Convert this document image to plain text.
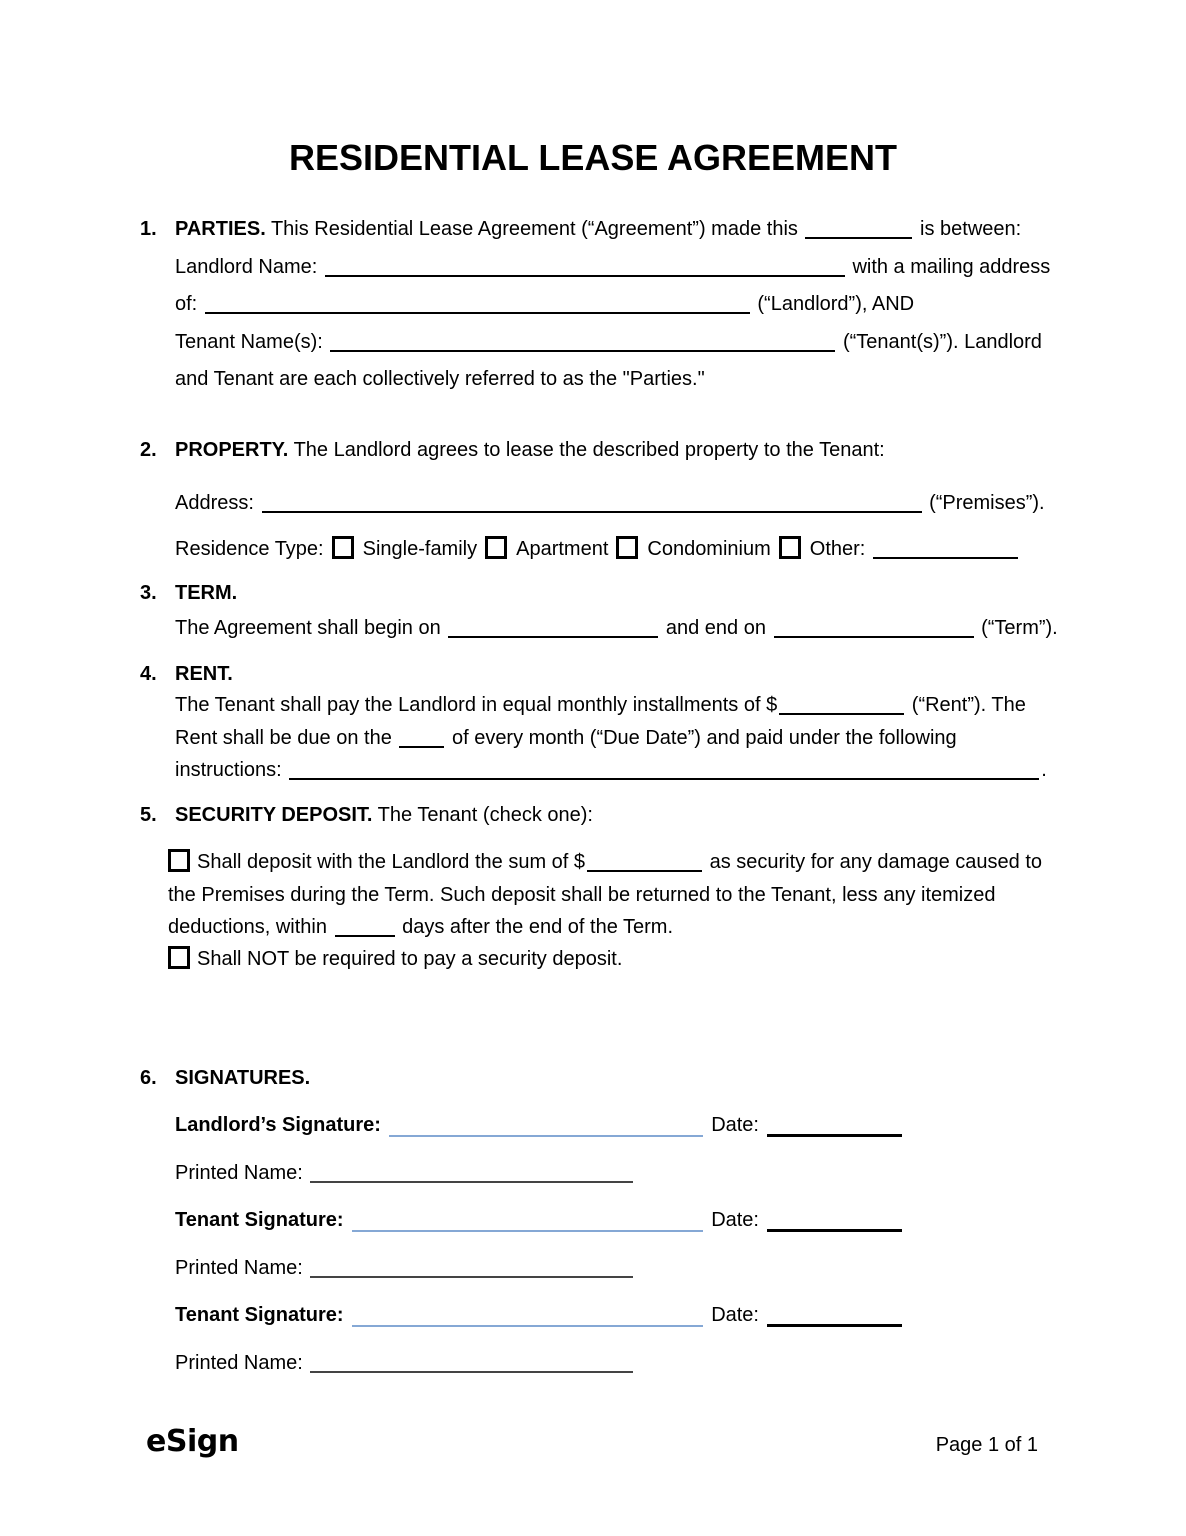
RESIDENTIAL LEASE AGREEMENT
1. PARTIES. This Residential Lease Agreement (“Agreement”) made this	is between:
Landlord Name:	with a mailing address
of:	(“Landlord”), AND
Tenant Name(s):	(“Tenant(s)”). Landlord
and Tenant are each collectively referred to as the "Parties."
2. PROPERTY. The Landlord agrees to lease the described property to the Tenant:
Address:	(“Premises”).
Residence Type: Single-family Apartment Condominium Other:
3. TERM.
The Agreement shall begin on	and end on	(“Term”).
4. RENT.
The Tenant shall pay the Landlord in equal monthly installments of $	(“Rent”). The
Rent shall be due on the	of every month (“Due Date”) and paid under the following
instructions:	.
5. SECURITY DEPOSIT. The Tenant (check one):
Shall deposit with the Landlord the sum of $	as security for any damage caused to the Premises during the Term. Such deposit shall be returned to the Tenant, less any itemized deductions, within	days after the end of the Term.
Shall NOT be required to pay a security deposit.
6. SIGNATURES.
Landlord’s Signature:	Date:
Printed Name:
Tenant Signature:	Date:
Printed Name:
Tenant Signature:	Date:
Printed Name:
eSign	Page 1 of 1
